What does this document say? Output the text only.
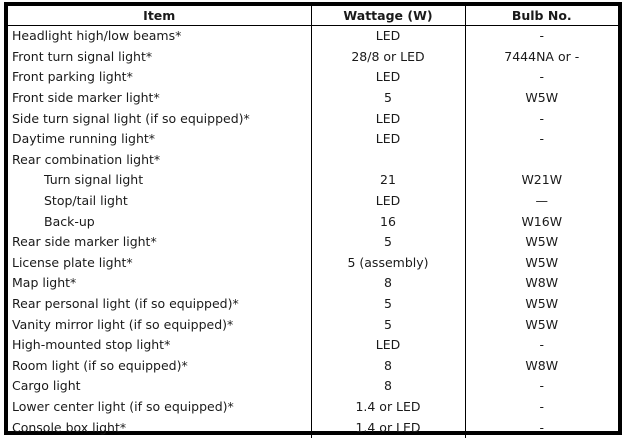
Item	Wattage (W)	Bulb No.
Headlight high/low beams*	LED	-
Front turn signal light*	28/8 or LED	7444NA or -
Front parking light*	LED	-
Front side marker light*	5	W5W
Side turn signal light (if so equipped)*	LED	-
Daytime running light*	LED	-
Rear combination light*		
Turn signal light	21	W21W
Stop/tail light	LED	—
Back-up	16	W16W
Rear side marker light*	5	W5W
License plate light*	5 (assembly)	W5W
Map light*	8	W8W
Rear personal light (if so equipped)*	5	W5W
Vanity mirror light (if so equipped)*	5	W5W
High-mounted stop light*	LED	-
Room light (if so equipped)*	8	W8W
Cargo light	8	-
Lower center light (if so equipped)*	1.4 or LED	-
Console box light*	1.4 or LED	-
